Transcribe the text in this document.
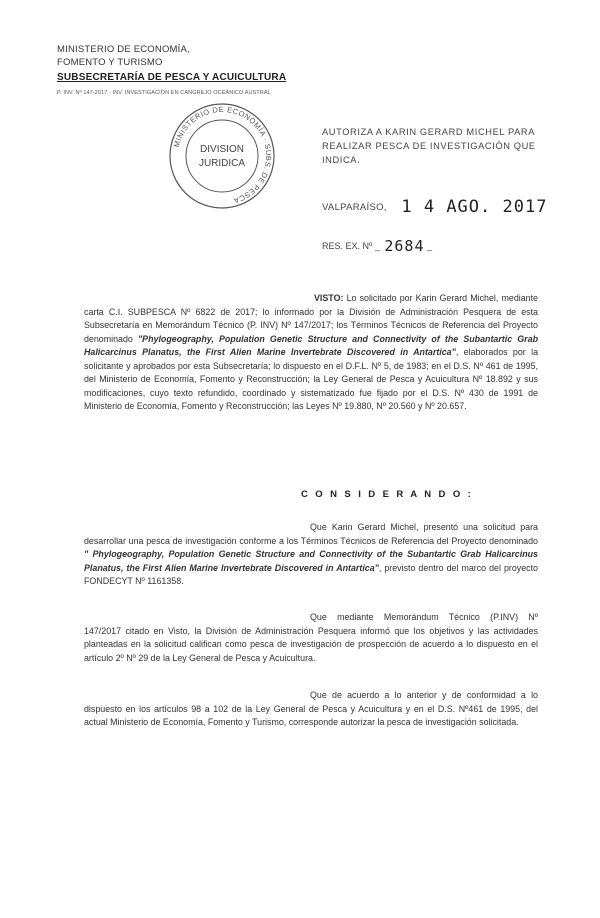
MINISTERIO DE ECONOMÍA,
FOMENTO Y TURISMO
SUBSECRETARÍA DE PESCA Y ACUICULTURA
P. INV. Nº 147-2017 - INV. INVESTIGACIÓN EN CANGREJO OCEÁNICO AUSTRAL
MINISTERIO DE ECONOMÍA · SUBS. DE PESCA
DIVISION
JURIDICA
AUTORIZA A KARIN GERARD MICHEL PARA REALIZAR PESCA DE INVESTIGACIÓN QUE INDICA.
VALPARAÍSO, 1 4 AGO. 2017
RES. EX. Nº _ 2684 _
VISTO: Lo solicitado por Karin Gerard Michel, mediante carta C.I. SUBPESCA Nº 6822 de 2017; lo informado por la División de Administración Pesquera de esta Subsecretaría en Memorándum Técnico (P. INV) Nº 147/2017; los Términos Técnicos de Referencia del Proyecto denominado "Phylogeography, Population Genetic Structure and Connectivity of the Subantartic Grab Halicarcinus Planatus, the First Alien Marine Invertebrate Discovered in Antartica", elaborados por la solicitante y aprobados por esta Subsecretaría; lo dispuesto en el D.F.L. Nº 5, de 1983; en el D.S. Nº 461 de 1995, del Ministerio de Economía, Fomento y Reconstrucción; la Ley General de Pesca y Acuicultura Nº 18.892 y sus modificaciones, cuyo texto refundido, coordinado y sistematizado fue fijado por el D.S. Nº 430 de 1991 de Ministerio de Economía, Fomento y Reconstrucción; las Leyes Nº 19.880, Nº 20.560 y Nº 20.657.
C O N S I D E R A N D O :
Que Karin Gerard Michel, presentó una solicitud para desarrollar una pesca de investigación conforme a los Términos Técnicos de Referencia del Proyecto denominado " Phylogeography, Population Genetic Structure and Connectivity of the Subantartic Grab Halicarcinus Planatus, the First Alien Marine Invertebrate Discovered in Antartica", previsto dentro del marco del proyecto FONDECYT Nº 1161358.
Que mediante Memorándum Técnico (P.INV) Nº 147/2017 citado en Visto, la División de Administración Pesquera informó que los objetivos y las actividades planteadas en la solicitud califican como pesca de investigación de prospección de acuerdo a lo dispuesto en el artículo 2º Nº 29 de la Ley General de Pesca y Acuicultura.
Que de acuerdo a lo anterior y de conformidad a lo dispuesto en los artículos 98 a 102 de la Ley General de Pesca y Acuicultura y en el D.S. Nº461 de 1995, del actual Ministerio de Economía, Fomento y Turismo, corresponde autorizar la pesca de investigación solicitada.
